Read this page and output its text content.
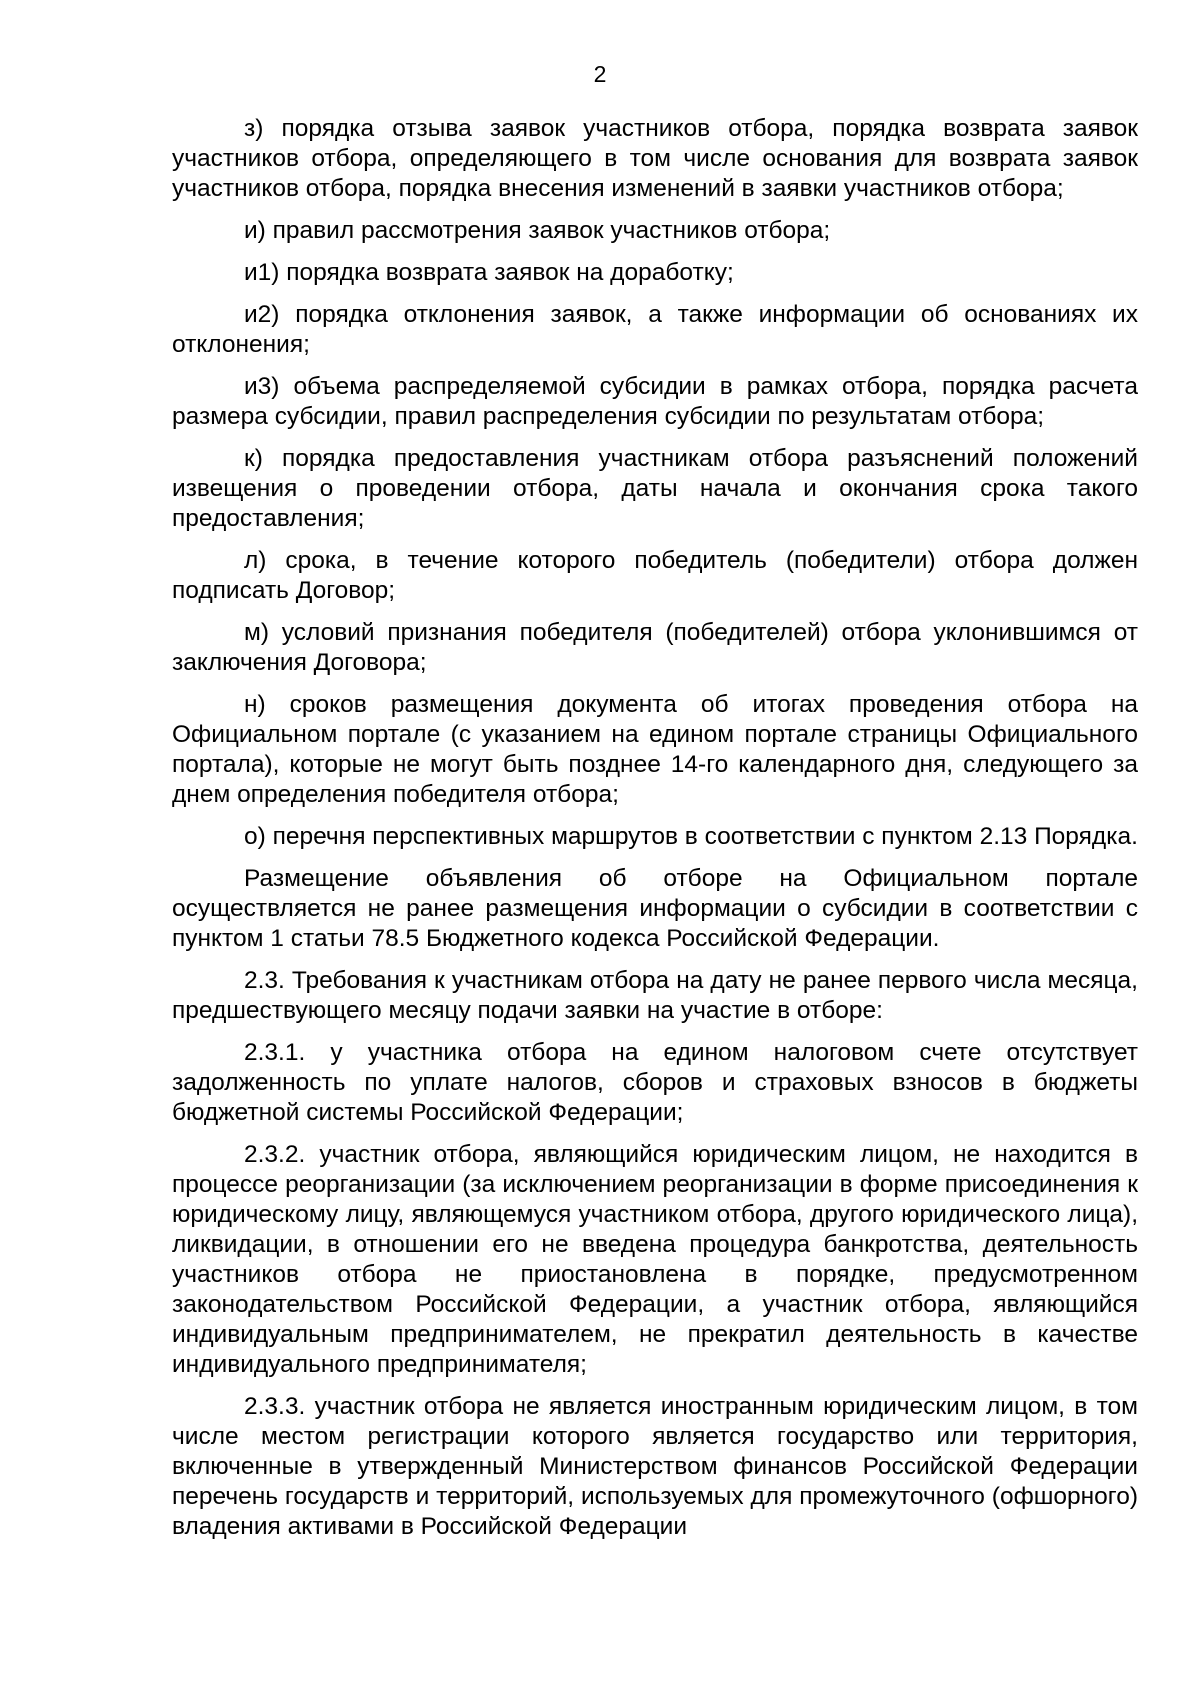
2

з) порядка отзыва заявок участников отбора, порядка возврата заявок участников отбора, определяющего в том числе основания для возврата заявок участников отбора, порядка внесения изменений в заявки участников отбора;

и) правил рассмотрения заявок участников отбора;

и1) порядка возврата заявок на доработку;

и2) порядка отклонения заявок, а также информации об основаниях их отклонения;

и3) объема распределяемой субсидии в рамках отбора, порядка расчета размера субсидии, правил распределения субсидии по результатам отбора;

к) порядка предоставления участникам отбора разъяснений положений извещения о проведении отбора, даты начала и окончания срока такого предоставления;

л) срока, в течение которого победитель (победители) отбора должен подписать Договор;

м) условий признания победителя (победителей) отбора уклонившимся от заключения Договора;

н) сроков размещения документа об итогах проведения отбора на Официальном портале (с указанием на едином портале страницы Официального портала), которые не могут быть позднее 14-го календарного дня, следующего за днем определения победителя отбора;

о) перечня перспективных маршрутов в соответствии с пунктом 2.13 Порядка.

Размещение объявления об отборе на Официальном портале осуществляется не ранее размещения информации о субсидии в соответствии с пунктом 1 статьи 78.5 Бюджетного кодекса Российской Федерации.

2.3. Требования к участникам отбора на дату не ранее первого числа месяца, предшествующего месяцу подачи заявки на участие в отборе:

2.3.1. у участника отбора на едином налоговом счете отсутствует задолженность по уплате налогов, сборов и страховых взносов в бюджеты бюджетной системы Российской Федерации;

2.3.2. участник отбора, являющийся юридическим лицом, не находится в процессе реорганизации (за исключением реорганизации в форме присоединения к юридическому лицу, являющемуся участником отбора, другого юридического лица), ликвидации, в отношении его не введена процедура банкротства, деятельность участников отбора не приостановлена в порядке, предусмотренном законодательством Российской Федерации, а участник отбора, являющийся индивидуальным предпринимателем, не прекратил деятельность в качестве индивидуального предпринимателя;

2.3.3. участник отбора не является иностранным юридическим лицом, в том числе местом регистрации которого является государство или территория, включенные в утвержденный Министерством финансов Российской Федерации перечень государств и территорий, используемых для промежуточного (офшорного) владения активами в Российской Федерации
